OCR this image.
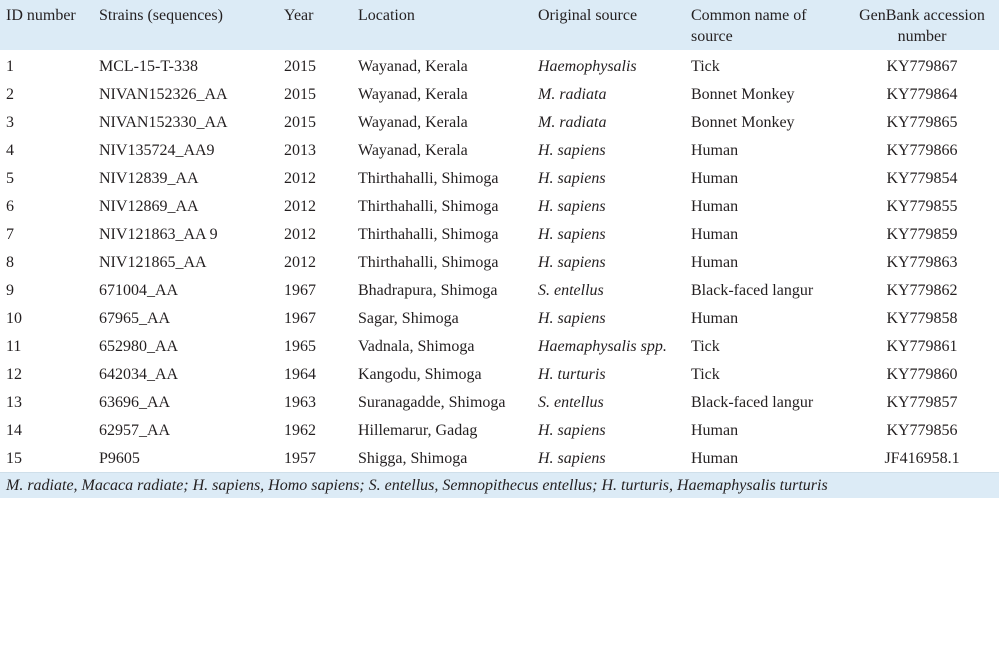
ID number	Strains (sequences)	Year	Location	Original source	Common name of source	GenBank accession number
1	MCL-15-T-338	2015	Wayanad, Kerala	Haemophysalis	Tick	KY779867
2	NIVAN152326_AA	2015	Wayanad, Kerala	M. radiata	Bonnet Monkey	KY779864
3	NIVAN152330_AA	2015	Wayanad, Kerala	M. radiata	Bonnet Monkey	KY779865
4	NIV135724_AA9	2013	Wayanad, Kerala	H. sapiens	Human	KY779866
5	NIV12839_AA	2012	Thirthahalli, Shimoga	H. sapiens	Human	KY779854
6	NIV12869_AA	2012	Thirthahalli, Shimoga	H. sapiens	Human	KY779855
7	NIV121863_AA 9	2012	Thirthahalli, Shimoga	H. sapiens	Human	KY779859
8	NIV121865_AA	2012	Thirthahalli, Shimoga	H. sapiens	Human	KY779863
9	671004_AA	1967	Bhadrapura, Shimoga	S. entellus	Black-faced langur	KY779862
10	67965_AA	1967	Sagar, Shimoga	H. sapiens	Human	KY779858
11	652980_AA	1965	Vadnala, Shimoga	Haemaphysalis spp.	Tick	KY779861
12	642034_AA	1964	Kangodu, Shimoga	H. turturis	Tick	KY779860
13	63696_AA	1963	Suranagadde, Shimoga	S. entellus	Black-faced langur	KY779857
14	62957_AA	1962	Hillemarur, Gadag	H. sapiens	Human	KY779856
15	P9605	1957	Shigga, Shimoga	H. sapiens	Human	JF416958.1
M. radiate, Macaca radiate; H. sapiens, Homo sapiens; S. entellus, Semnopithecus entellus; H. turturis, Haemaphysalis turturis
